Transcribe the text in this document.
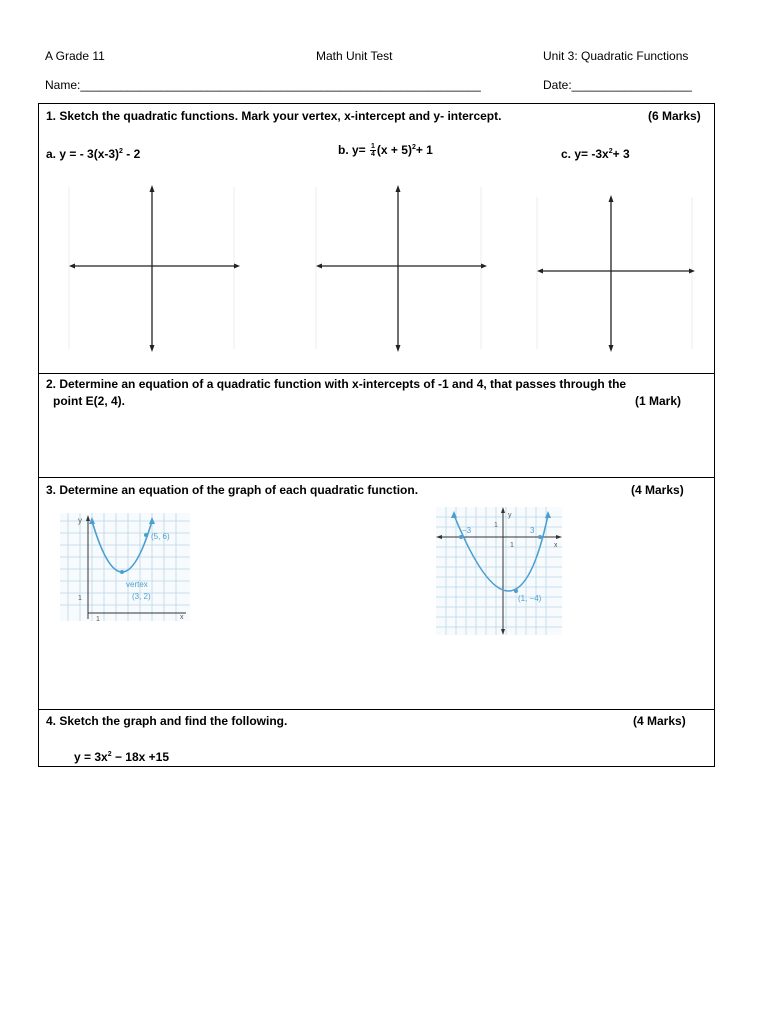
A Grade 11	Math Unit Test	Unit 3: Quadratic Functions
Name:____________________________________________________________	Date:__________________
1. Sketch the quadratic functions. Mark your vertex, x-intercept and y- intercept.	(6 Marks)
a. y = - $3(x-3)^2 - 2$	b. $y= \frac{1}{4} (x + 5)^2+ 1$	c. $y= -3x^2+ 3$
2. Determine an equation of a quadratic function with x-intercepts of -1 and 4, that passes through the
point E(2, 4).	(1 Mark)
3. Determine an equation of the graph of each quadratic function.	(4 Marks)
y
x
(5, 6)
vertex
(3, 2)
1
1
y
x
−3	3
(1, −4)
1
1
4. Sketch the graph and find the following.	(4 Marks)
$y = 3x^2 - 18x +15$
